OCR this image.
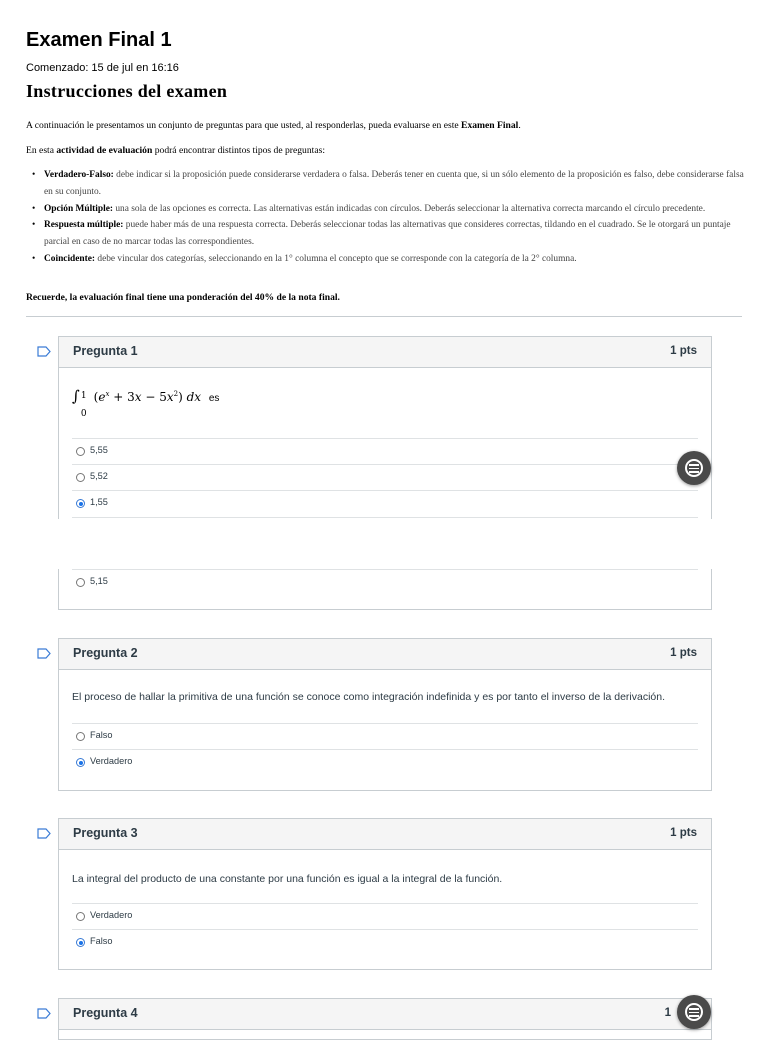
Examen Final 1
Comenzado: 15 de jul en 16:16
Instrucciones del examen
A continuación le presentamos un conjunto de preguntas para que usted, al responderlas, pueda evaluarse en este Examen Final.
En esta actividad de evaluación podrá encontrar distintos tipos de preguntas:
• Verdadero-Falso: debe indicar si la proposición puede considerarse verdadera o falsa. Deberás tener en cuenta que, si un sólo elemento de la proposición es falso, debe considerarse falsa en su conjunto.
• Opción Múltiple: una sola de las opciones es correcta. Las alternativas están indicadas con círculos. Deberás seleccionar la alternativa correcta marcando el círculo precedente.
• Respuesta múltiple: puede haber más de una respuesta correcta. Deberás seleccionar todas las alternativas que consideres correctas, tildando en el cuadrado. Se le otorgará un puntaje parcial en caso de no marcar todas las correspondientes.
• Coincidente: debe vincular dos categorías, seleccionando en la 1° columna el concepto que se corresponde con la categoría de la 2° columna.
Recuerde, la evaluación final tiene una ponderación del 40% de la nota final.
Pregunta 1	1 pts
∫ 1
0
$(e^x + 3x - 5x^2)$ dx es
5,55
5,52
1,55
5,15
Pregunta 2	1 pts
El proceso de hallar la primitiva de una función se conoce como integración indefinida y es por tanto el inverso de la derivación.
Falso
Verdadero
Pregunta 3	1 pts
La integral del producto de una constante por una función es igual a la integral de la función.
Verdadero
Falso
Pregunta 4	1
